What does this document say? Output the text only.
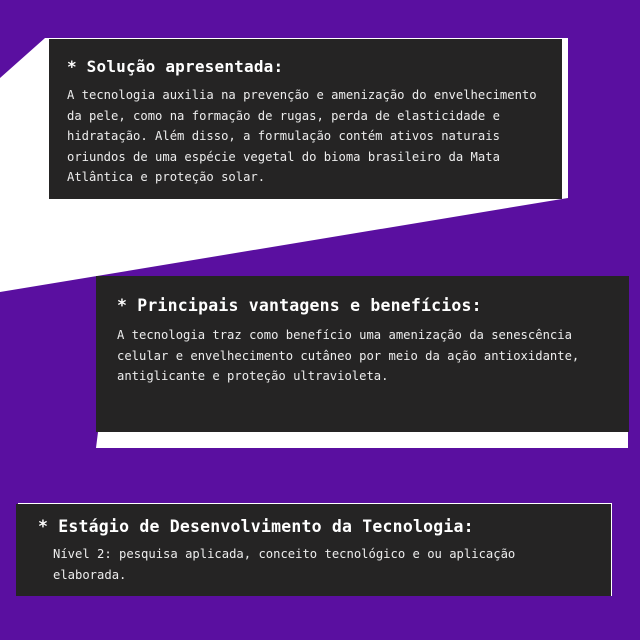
* Solução apresentada:

A tecnologia auxilia na prevenção e amenização do envelhecimento da pele, como na formação de rugas, perda de elasticidade e hidratação. Além disso, a formulação contém ativos naturais oriundos de uma espécie vegetal do bioma brasileiro da Mata Atlântica e proteção solar.

* Principais vantagens e benefícios:

A tecnologia traz como benefício uma amenização da senescência celular e envelhecimento cutâneo por meio da ação antioxidante, antiglicante e proteção ultravioleta.

* Estágio de Desenvolvimento da Tecnologia:

Nível 2: pesquisa aplicada, conceito tecnológico e ou aplicação elaborada.
